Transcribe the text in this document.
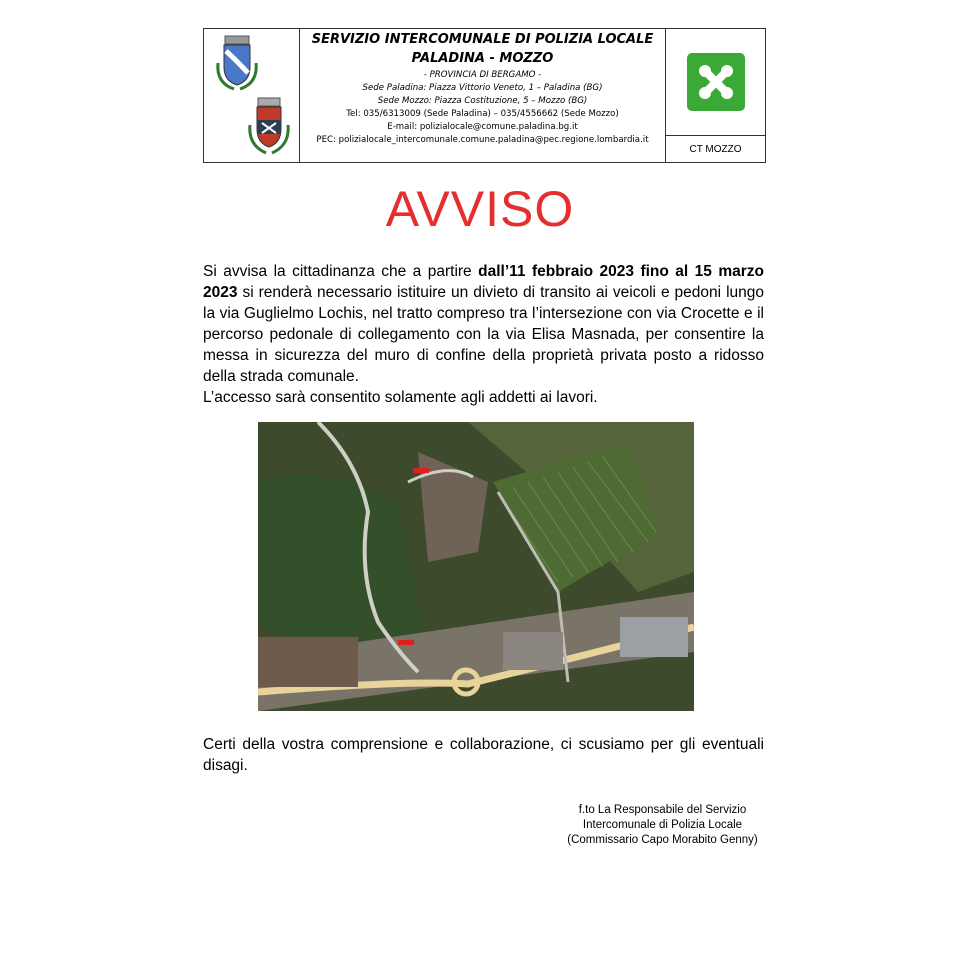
SERVIZIO INTERCOMUNALE DI POLIZIA LOCALE
PALADINA - MOZZO
- PROVINCIA DI BERGAMO -
Sede Paladina: Piazza Vittorio Veneto, 1 – Paladina (BG)
Sede Mozzo: Piazza Costituzione, 5 – Mozzo (BG)
Tel: 035/6313009 (Sede Paladina) – 035/4556662 (Sede Mozzo)
E-mail: polizialocale@comune.paladina.bg.it
PEC: polizialocale_intercomunale.comune.paladina@pec.regione.lombardia.it
CT MOZZO
AVVISO

Si avvisa la cittadinanza che a partire dall’11 febbraio 2023 fino al 15 marzo 2023 si renderà necessario istituire un divieto di transito ai veicoli e pedoni lungo la via Guglielmo Lochis, nel tratto compreso tra l’intersezione con via Crocette e il percorso pedonale di collegamento con la via Elisa Masnada, per consentire la messa in sicurezza del muro di confine della proprietà privata posto a ridosso della strada comunale.

L’accesso sarà consentito solamente agli addetti ai lavori.

Certi della vostra comprensione e collaborazione, ci scusiamo per gli eventuali disagi.
f.to La Responsabile del Servizio
Intercomunale di Polizia Locale
(Commissario Capo Morabito Genny)
